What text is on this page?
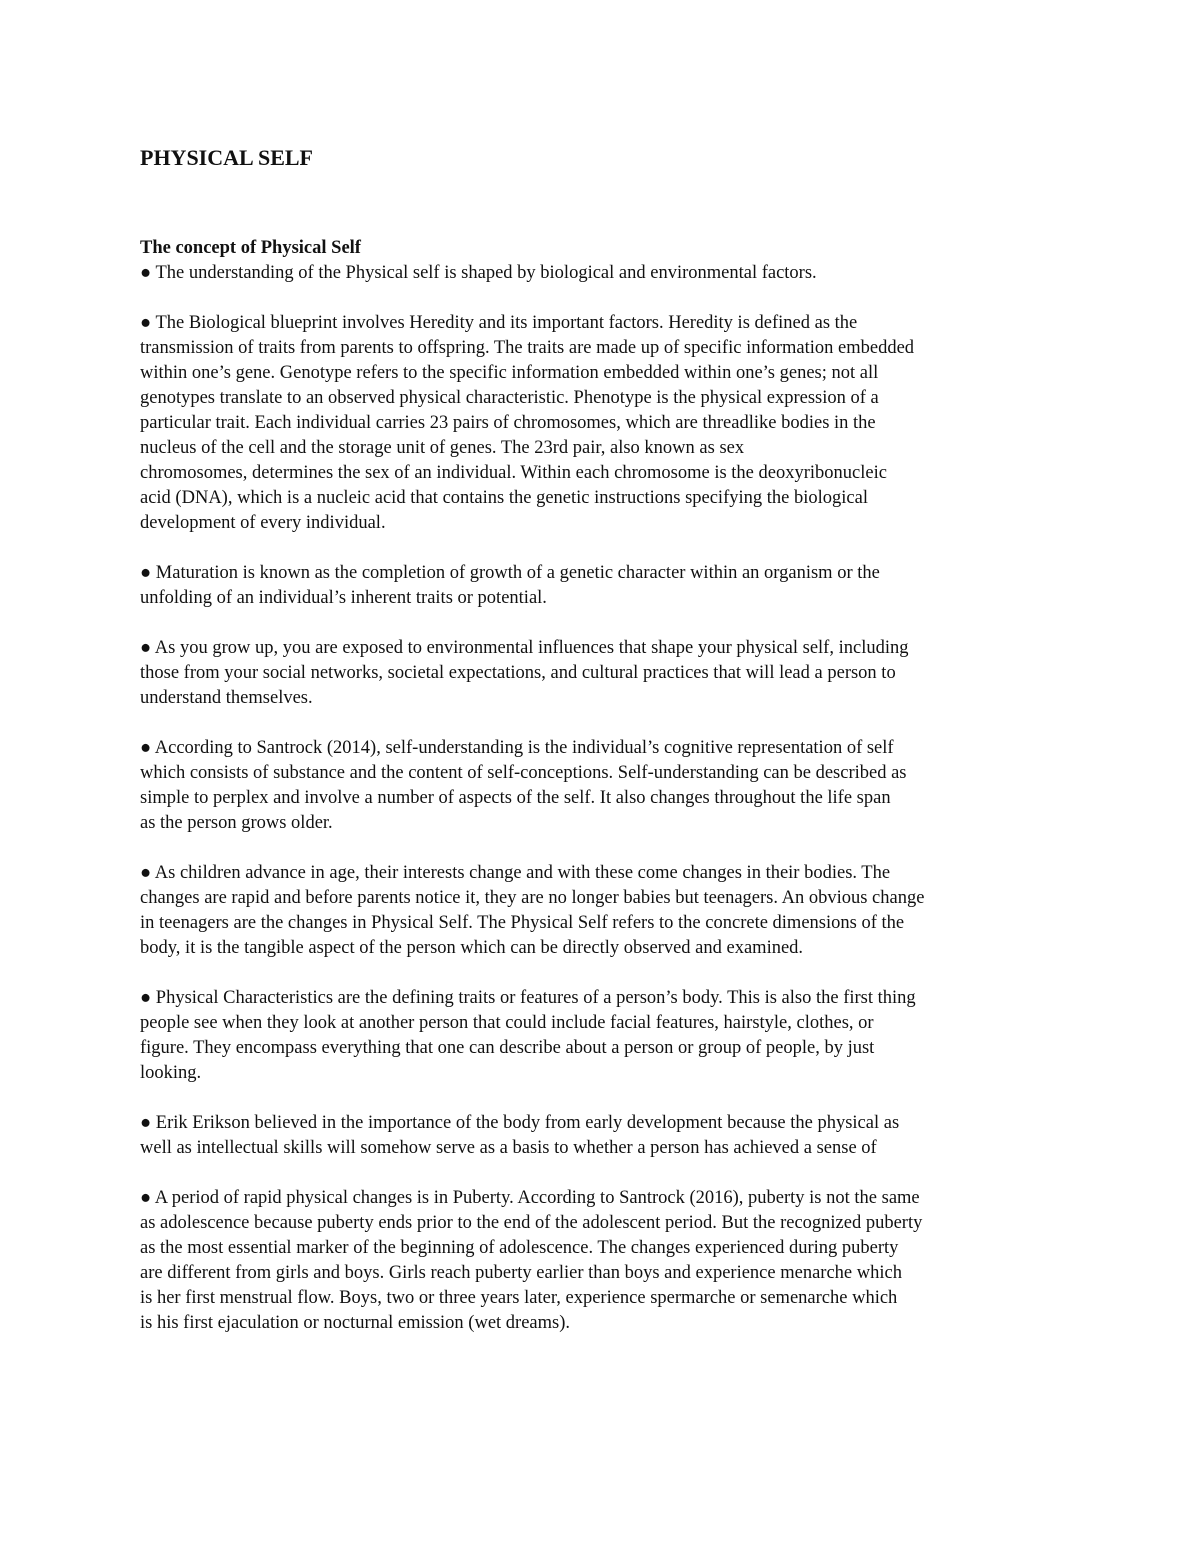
PHYSICAL SELF

The concept of Physical Self

● The understanding of the Physical self is shaped by biological and environmental factors.

● The Biological blueprint involves Heredity and its important factors. Heredity is defined as the
transmission of traits from parents to offspring. The traits are made up of specific information embedded
within one’s gene. Genotype refers to the specific information embedded within one’s genes; not all
genotypes translate to an observed physical characteristic. Phenotype is the physical expression of a
particular trait. Each individual carries 23 pairs of chromosomes, which are threadlike bodies in the
nucleus of the cell and the storage unit of genes. The 23rd pair, also known as sex
chromosomes, determines the sex of an individual. Within each chromosome is the deoxyribonucleic
acid (DNA), which is a nucleic acid that contains the genetic instructions specifying the biological
development of every individual.

● Maturation is known as the completion of growth of a genetic character within an organism or the
unfolding of an individual’s inherent traits or potential.

● As you grow up, you are exposed to environmental influences that shape your physical self, including
those from your social networks, societal expectations, and cultural practices that will lead a person to
understand themselves.

● According to Santrock (2014), self-understanding is the individual’s cognitive representation of self
which consists of substance and the content of self-conceptions. Self-understanding can be described as
simple to perplex and involve a number of aspects of the self. It also changes throughout the life span
as the person grows older.

● As children advance in age, their interests change and with these come changes in their bodies. The
changes are rapid and before parents notice it, they are no longer babies but teenagers. An obvious change
in teenagers are the changes in Physical Self. The Physical Self refers to the concrete dimensions of the
body, it is the tangible aspect of the person which can be directly observed and examined.

● Physical Characteristics are the defining traits or features of a person’s body. This is also the first thing
people see when they look at another person that could include facial features, hairstyle, clothes, or
figure. They encompass everything that one can describe about a person or group of people, by just
looking.

● Erik Erikson believed in the importance of the body from early development because the physical as
well as intellectual skills will somehow serve as a basis to whether a person has achieved a sense of

● A period of rapid physical changes is in Puberty. According to Santrock (2016), puberty is not the same
as adolescence because puberty ends prior to the end of the adolescent period. But the recognized puberty
as the most essential marker of the beginning of adolescence. The changes experienced during puberty
are different from girls and boys. Girls reach puberty earlier than boys and experience menarche which
is her first menstrual flow. Boys, two or three years later, experience spermarche or semenarche which
is his first ejaculation or nocturnal emission (wet dreams).
